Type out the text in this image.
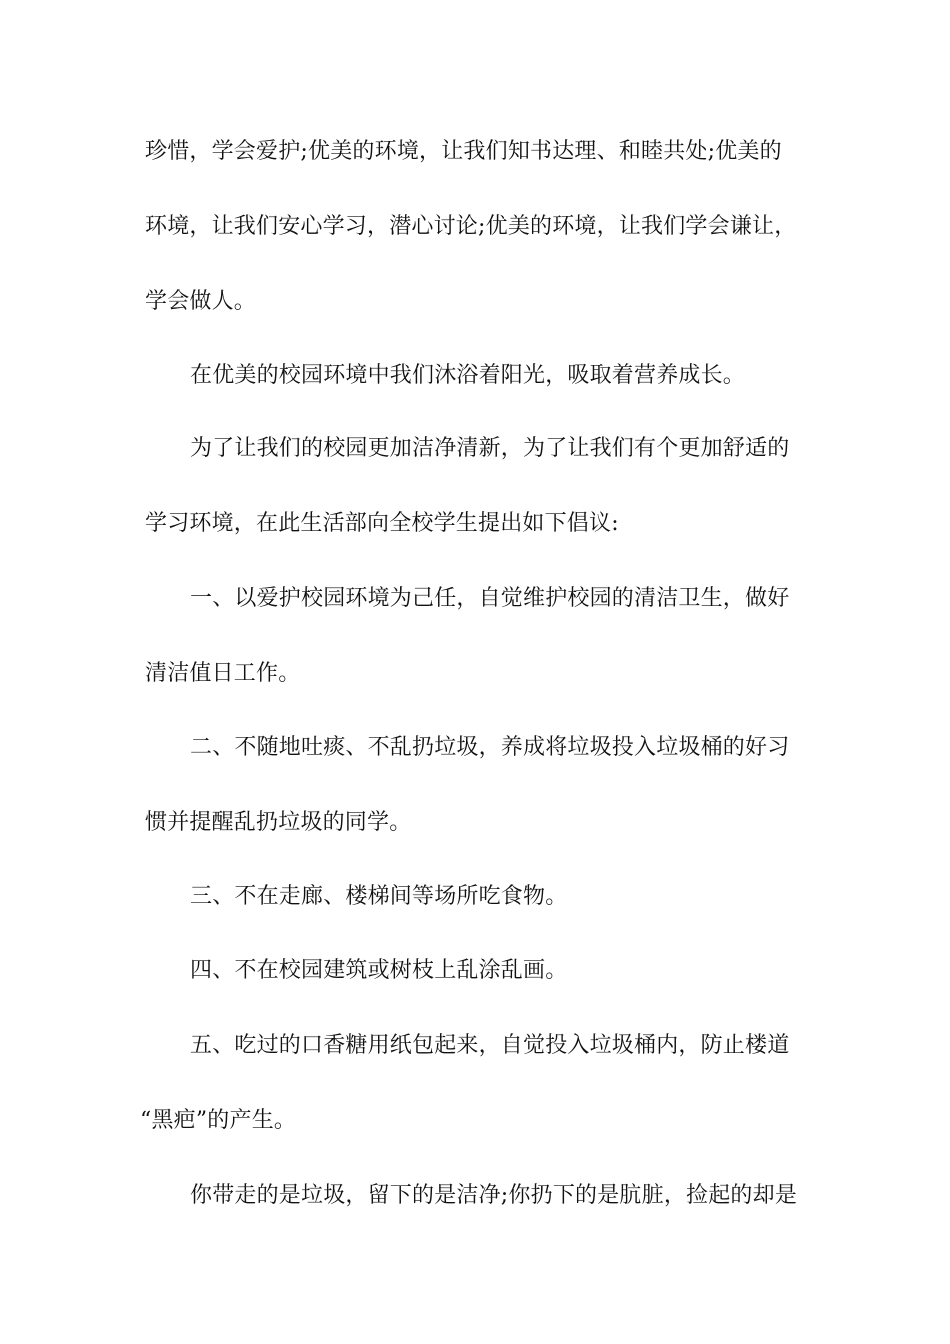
珍惜，学会爱护;优美的环境，让我们知书达理、和睦共处;优美的
环境，让我们安心学习，潜心讨论;优美的环境，让我们学会谦让，
学会做人。
在优美的校园环境中我们沐浴着阳光，吸取着营养成长。
为了让我们的校园更加洁净清新，为了让我们有个更加舒适的
学习环境，在此生活部向全校学生提出如下倡议:
一、以爱护校园环境为己任，自觉维护校园的清洁卫生，做好
清洁值日工作。
二、不随地吐痰、不乱扔垃圾，养成将垃圾投入垃圾桶的好习
惯并提醒乱扔垃圾的同学。
三、不在走廊、楼梯间等场所吃食物。
四、不在校园建筑或树枝上乱涂乱画。
五、吃过的口香糖用纸包起来，自觉投入垃圾桶内，防止楼道
“黑疤”的产生。
你带走的是垃圾，留下的是洁净;你扔下的是肮脏，捡起的却是
